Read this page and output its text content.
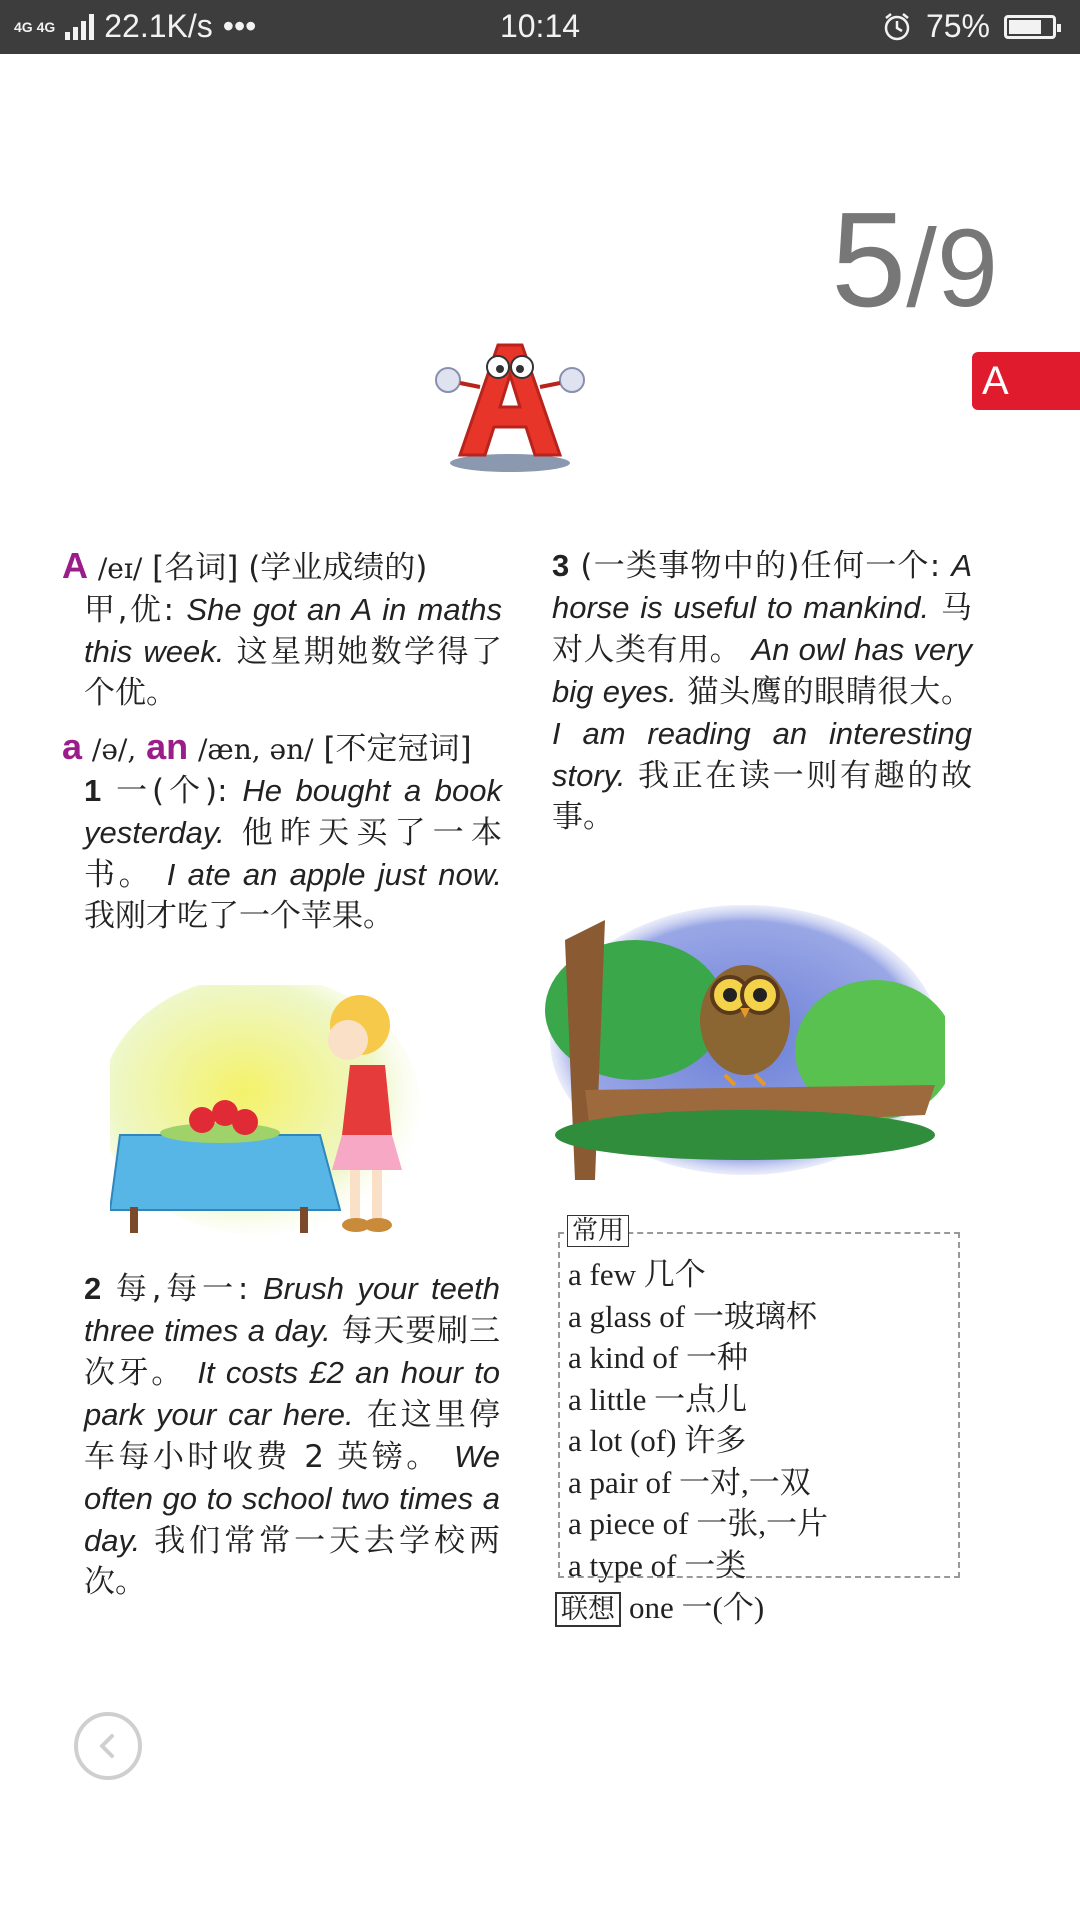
4G 4G 22.1K/s •••	10:14	75%
5/9
A
A /eɪ/ [名词] (学业成绩的)
甲,优: She got an A in maths this week. 这星期她数学得了个优。
a /ə/, an /æn, ən/ [不定冠词]
1 一(个): He bought a book yesterday. 他昨天买了一本书。 I ate an apple just now. 我刚才吃了一个苹果。
2 每,每一: Brush your teeth three times a day. 每天要刷三次牙。 It costs £2 an hour to park your car here. 在这里停车每小时收费 2 英镑。 We often go to school two times a day. 我们常常一天去学校两次。
3 (一类事物中的)任何一个: A horse is useful to mankind. 马对人类有用。 An owl has very big eyes. 猫头鹰的眼睛很大。 I am reading an interesting story. 我正在读一则有趣的故事。
a few 几个
a glass of 一玻璃杯
a kind of 一种
a little 一点儿
a lot (of) 许多
a pair of 一对,一双
a piece of 一张,一片
a type of 一类
常用
联想 one 一(个)
